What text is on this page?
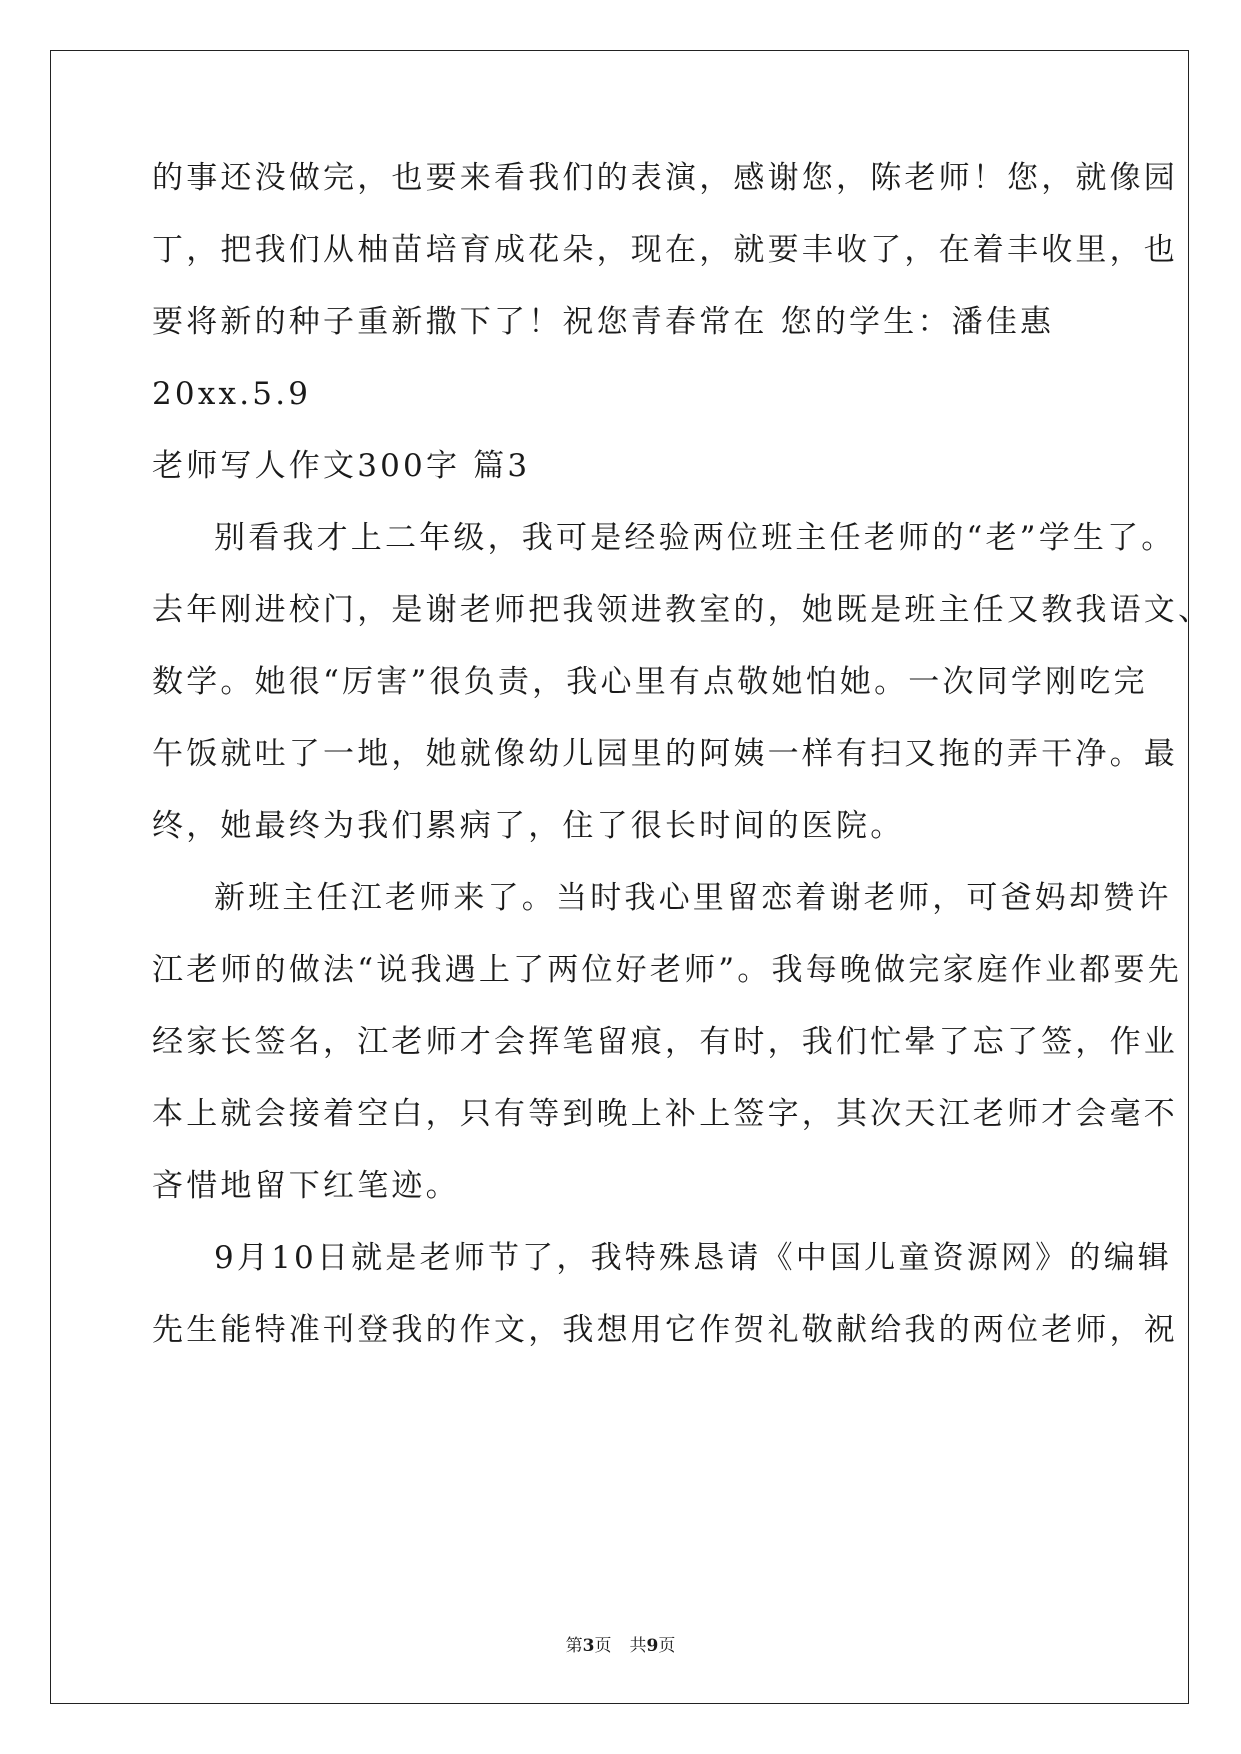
的事还没做完，也要来看我们的表演，感谢您，陈老师！您，就像园
丁，把我们从柚苗培育成花朵，现在，就要丰收了，在着丰收里，也
要将新的种子重新撒下了！祝您青春常在 您的学生：潘佳惠
20xx.5.9
老师写人作文300字 篇3
别看我才上二年级，我可是经验两位班主任老师的“老”学生了。
去年刚进校门，是谢老师把我领进教室的，她既是班主任又教我语文、
数学。她很“厉害”很负责，我心里有点敬她怕她。一次同学刚吃完
午饭就吐了一地，她就像幼儿园里的阿姨一样有扫又拖的弄干净。最
终，她最终为我们累病了，住了很长时间的医院。
新班主任江老师来了。当时我心里留恋着谢老师，可爸妈却赞许
江老师的做法“说我遇上了两位好老师”。我每晚做完家庭作业都要先
经家长签名，江老师才会挥笔留痕，有时，我们忙晕了忘了签，作业
本上就会接着空白，只有等到晚上补上签字，其次天江老师才会毫不
吝惜地留下红笔迹。
9月10日就是老师节了，我特殊恳请《中国儿童资源网》的编辑
先生能特准刊登我的作文，我想用它作贺礼敬献给我的两位老师，祝
第3页 共9页
